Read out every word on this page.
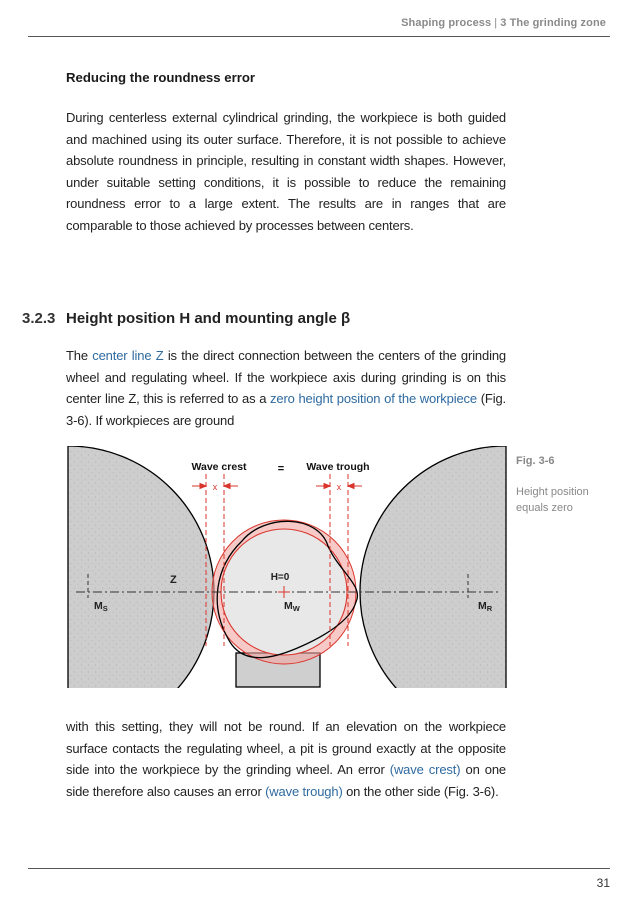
Shaping process | 3 The grinding zone
Reducing the roundness error
During centerless external cylindrical grinding, the workpiece is both guided and machined using its outer surface. Therefore, it is not possible to achieve absolute roundness in principle, resulting in constant width shapes. However, under suitable setting conditions, it is possible to reduce the remaining roundness error to a large extent. The results are in ranges that are comparable to those achieved by processes between centers.
3.2.3 Height position H and mounting angle β
The center line Z is the direct connection between the centers of the grinding wheel and regulating wheel. If the workpiece axis during grinding is on this center line Z, this is referred to as a zero height position of the workpiece (Fig. 3-6). If workpieces are ground
Fig. 3-6
Height position equals zero
x	x
Wave crest	= Wave trough
Z	H=0
MS	MW	MR
with this setting, they will not be round. If an elevation on the workpiece surface contacts the regulating wheel, a pit is ground exactly at the opposite side into the workpiece by the grinding wheel. An error (wave crest) on one side therefore also causes an error (wave trough) on the other side (Fig. 3-6).
31
